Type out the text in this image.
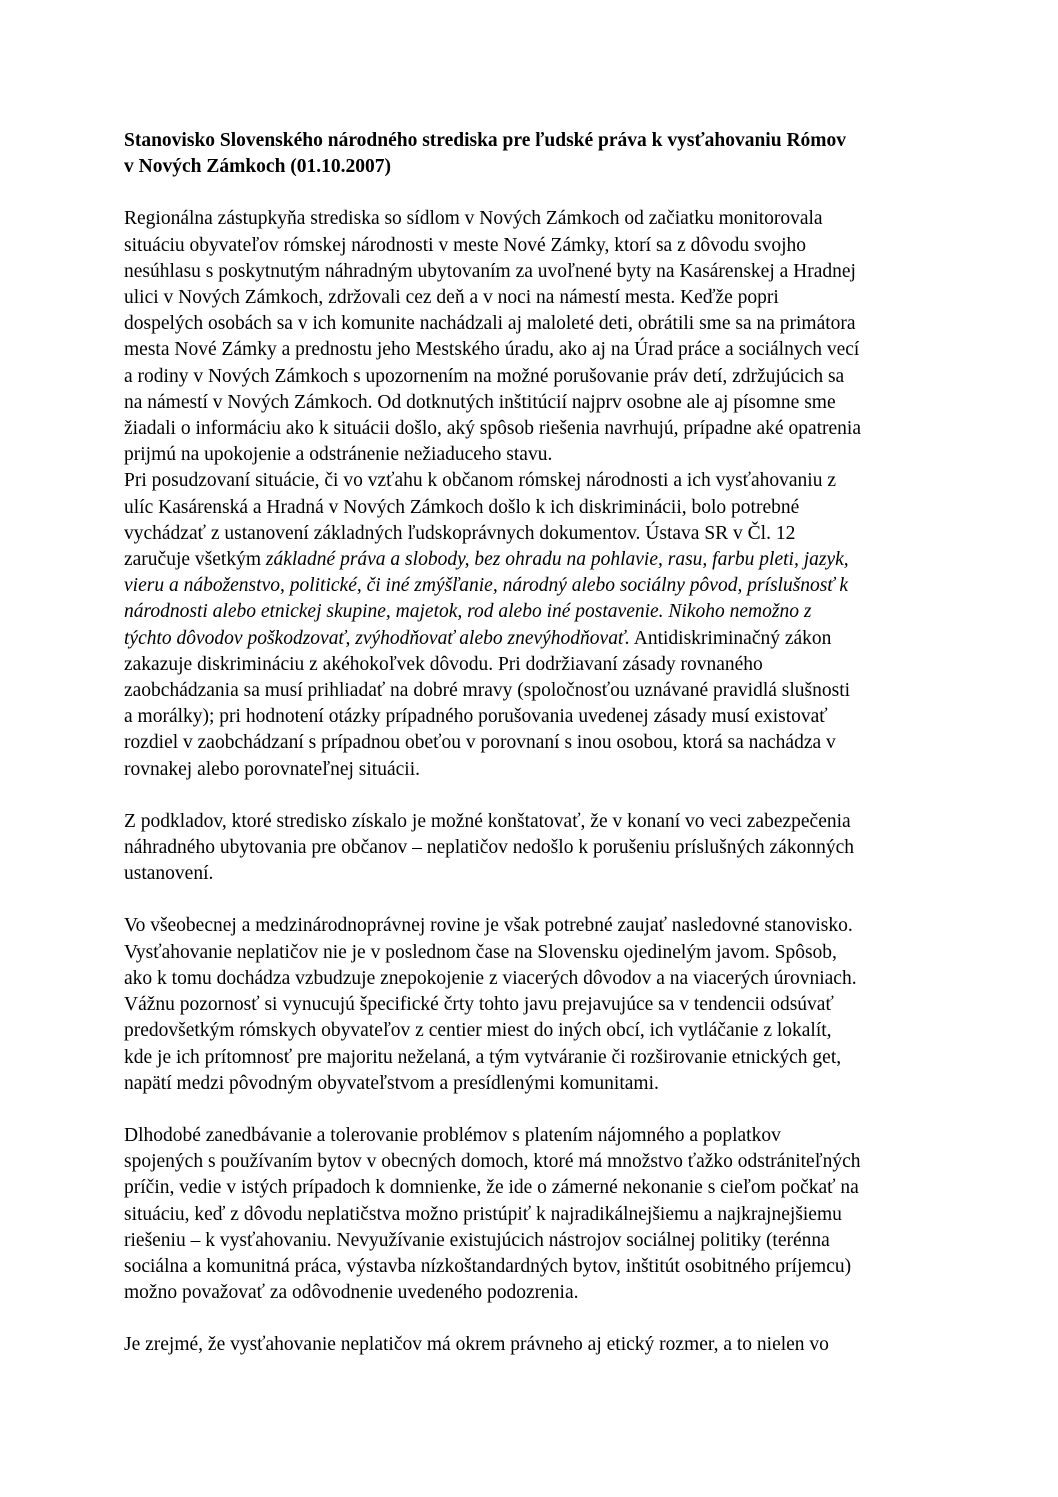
Stanovisko Slovenského národného strediska pre ľudské práva k vysťahovaniu Rómov
v Nových Zámkoch (01.10.2007)
Regionálna zástupkyňa strediska so sídlom v Nových Zámkoch od začiatku monitorovala
situáciu obyvateľov rómskej národnosti v meste Nové Zámky, ktorí sa z dôvodu svojho
nesúhlasu s poskytnutým náhradným ubytovaním za uvoľnené byty na Kasárenskej a Hradnej
ulici v Nových Zámkoch, zdržovali cez deň a v noci na námestí mesta. Keďže popri
dospelých osobách sa v ich komunite nachádzali aj maloleté deti, obrátili sme sa na primátora
mesta Nové Zámky a prednostu jeho Mestského úradu, ako aj na Úrad práce a sociálnych vecí
a rodiny v Nových Zámkoch s upozornením na možné porušovanie práv detí, zdržujúcich sa
na námestí v Nových Zámkoch. Od dotknutých inštitúcií najprv osobne ale aj písomne sme
žiadali o informáciu ako k situácii došlo, aký spôsob riešenia navrhujú, prípadne aké opatrenia
prijmú na upokojenie a odstránenie nežiaduceho stavu.
Pri posudzovaní situácie, či vo vzťahu k občanom rómskej národnosti a ich vysťahovaniu z
ulíc Kasárenská a Hradná v Nových Zámkoch došlo k ich diskriminácii, bolo potrebné
vychádzať z ustanovení základných ľudskoprávnych dokumentov. Ústava SR v Čl. 12
zaručuje všetkým základné práva a slobody, bez ohradu na pohlavie, rasu, farbu pleti, jazyk,
vieru a náboženstvo, politické, či iné zmýšľanie, národný alebo sociálny pôvod, príslušnosť k
národnosti alebo etnickej skupine, majetok, rod alebo iné postavenie. Nikoho nemožno z
týchto dôvodov poškodzovať, zvýhodňovať alebo znevýhodňovať. Antidiskriminačný zákon
zakazuje diskrimináciu z akéhokoľvek dôvodu. Pri dodržiavaní zásady rovnaného
zaobchádzania sa musí prihliadať na dobré mravy (spoločnosťou uznávané pravidlá slušnosti
a morálky); pri hodnotení otázky prípadného porušovania uvedenej zásady musí existovať
rozdiel v zaobchádzaní s prípadnou obeťou v porovnaní s inou osobou, ktorá sa nachádza v
rovnakej alebo porovnateľnej situácii.
Z podkladov, ktoré stredisko získalo je možné konštatovať, že v konaní vo veci zabezpečenia
náhradného ubytovania pre občanov – neplatičov nedošlo k porušeniu príslušných zákonných
ustanovení.
Vo všeobecnej a medzinárodnoprávnej rovine je však potrebné zaujať nasledovné stanovisko.
Vysťahovanie neplatičov nie je v poslednom čase na Slovensku ojedinelým javom. Spôsob,
ako k tomu dochádza vzbudzuje znepokojenie z viacerých dôvodov a na viacerých úrovniach.
Vážnu pozornosť si vynucujú špecifické črty tohto javu prejavujúce sa v tendencii odsúvať
predovšetkým rómskych obyvateľov z centier miest do iných obcí, ich vytláčanie z lokalít,
kde je ich prítomnosť pre majoritu neželaná, a tým vytváranie či rozširovanie etnických get,
napätí medzi pôvodným obyvateľstvom a presídlenými komunitami.
Dlhodobé zanedbávanie a tolerovanie problémov s platením nájomného a poplatkov
spojených s používaním bytov v obecných domoch, ktoré má množstvo ťažko odstrániteľných
príčin, vedie v istých prípadoch k domnienke, že ide o zámerné nekonanie s cieľom počkať na
situáciu, keď z dôvodu neplatičstva možno pristúpiť k najradikálnejšiemu a najkrajnejšiemu
riešeniu – k vysťahovaniu. Nevyužívanie existujúcich nástrojov sociálnej politiky (terénna
sociálna a komunitná práca, výstavba nízkoštandardných bytov, inštitút osobitného príjemcu)
možno považovať za odôvodnenie uvedeného podozrenia.
Je zrejmé, že vysťahovanie neplatičov má okrem právneho aj etický rozmer, a to nielen vo
